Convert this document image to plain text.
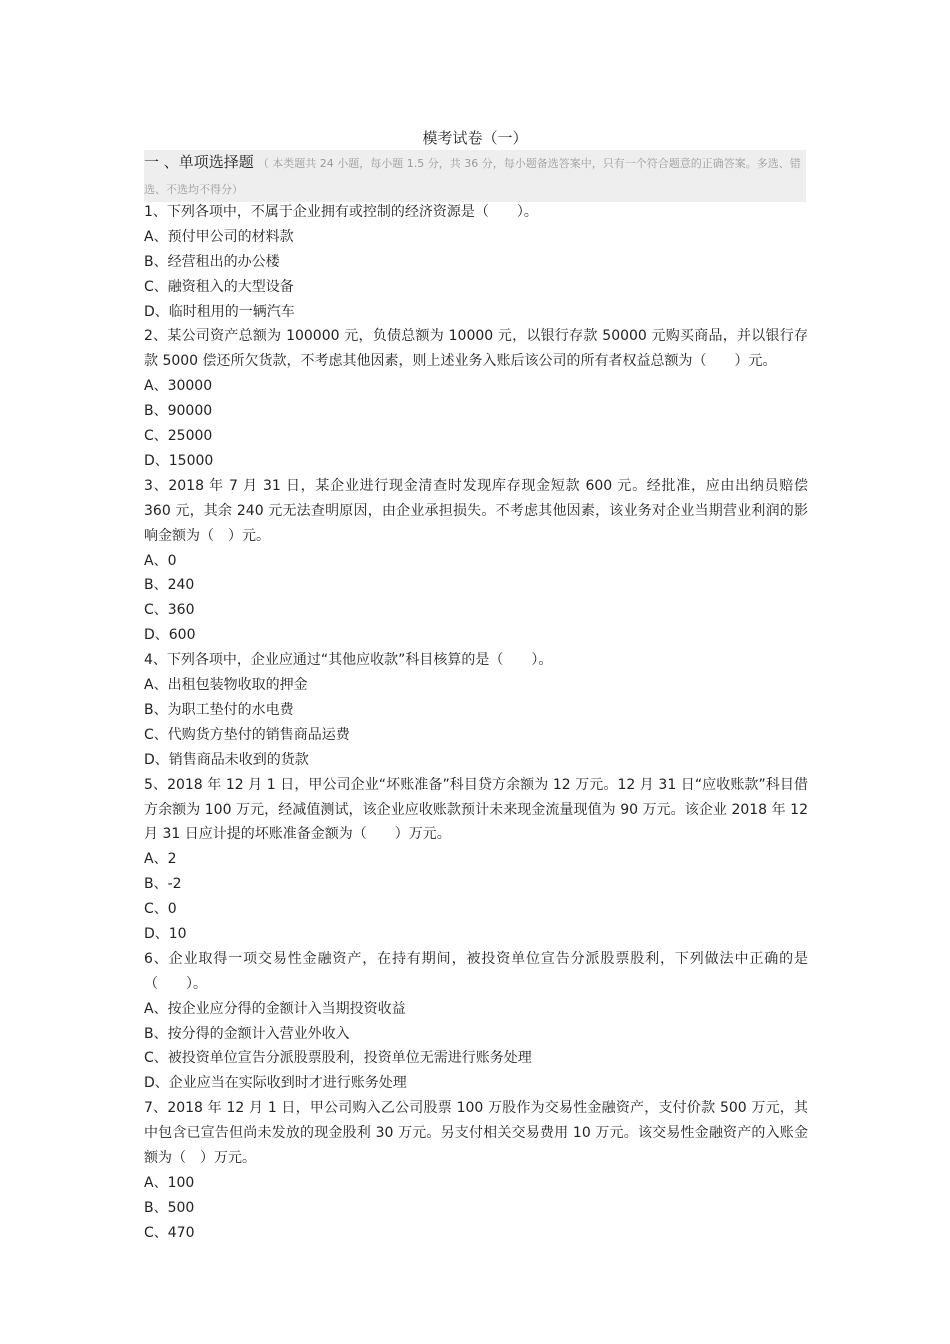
模考试卷（一）
一 、单项选择题 （ 本类题共 24 小题，每小题 1.5 分，共 36 分，每小题备选答案中，只有一个符合题意的正确答案。多选、错选、不选均不得分）
1、下列各项中，不属于企业拥有或控制的经济资源是（　　）。
A、预付甲公司的材料款
B、经营租出的办公楼
C、融资租入的大型设备
D、临时租用的一辆汽车
2、某公司资产总额为 100000 元，负债总额为 10000 元，以银行存款 50000 元购买商品，并以银行存款 5000 偿还所欠货款，不考虑其他因素，则上述业务入账后该公司的所有者权益总额为（　　）元。
A、30000
B、90000
C、25000
D、15000
3、2018 年 7 月 31 日，某企业进行现金清查时发现库存现金短款 600 元。经批准，应由出纳员赔偿 360 元，其余 240 元无法查明原因，由企业承担损失。不考虑其他因素，该业务对企业当期营业利润的影响金额为（　）元。
A、0
B、240
C、360
D、600
4、下列各项中，企业应通过“其他应收款”科目核算的是（　　）。
A、出租包装物收取的押金
B、为职工垫付的水电费
C、代购货方垫付的销售商品运费
D、销售商品未收到的货款
5、2018 年 12 月 1 日，甲公司企业“坏账准备”科目贷方余额为 12 万元。12 月 31 日“应收账款”科目借方余额为 100 万元，经减值测试，该企业应收账款预计未来现金流量现值为 90 万元。该企业 2018 年 12 月 31 日应计提的坏账准备金额为（　　）万元。
A、2
B、-2
C、0
D、10
6、企业取得一项交易性金融资产，在持有期间，被投资单位宣告分派股票股利，下列做法中正确的是（　　）。
A、按企业应分得的金额计入当期投资收益
B、按分得的金额计入营业外收入
C、被投资单位宣告分派股票股利，投资单位无需进行账务处理
D、企业应当在实际收到时才进行账务处理
7、2018 年 12 月 1 日，甲公司购入乙公司股票 100 万股作为交易性金融资产，支付价款 500 万元，其中包含已宣告但尚未发放的现金股利 30 万元。另支付相关交易费用 10 万元。该交易性金融资产的入账金额为（　）万元。
A、100
B、500
C、470
